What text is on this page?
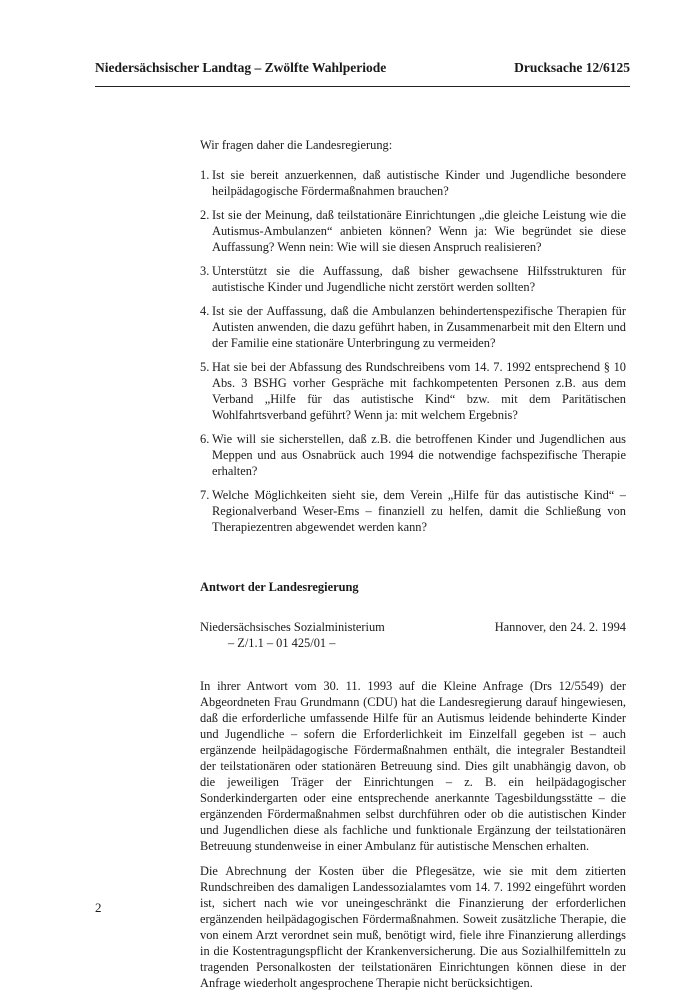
Niedersächsischer Landtag – Zwölfte Wahlperiode	Drucksache 12/6125

Wir fragen daher die Landesregierung:

1. Ist sie bereit anzuerkennen, daß autistische Kinder und Jugendliche besondere heilpädagogische Fördermaßnahmen brauchen?
2. Ist sie der Meinung, daß teilstationäre Einrichtungen „die gleiche Leistung wie die Autismus-Ambulanzen“ anbieten können? Wenn ja: Wie begründet sie diese Auffassung? Wenn nein: Wie will sie diesen Anspruch realisieren?
3. Unterstützt sie die Auffassung, daß bisher gewachsene Hilfsstrukturen für autistische Kinder und Jugendliche nicht zerstört werden sollten?
4. Ist sie der Auffassung, daß die Ambulanzen behindertenspezifische Therapien für Autisten anwenden, die dazu geführt haben, in Zusammenarbeit mit den Eltern und der Familie eine stationäre Unterbringung zu vermeiden?
5. Hat sie bei der Abfassung des Rundschreibens vom 14. 7. 1992 entsprechend § 10 Abs. 3 BSHG vorher Gespräche mit fachkompetenten Personen z.B. aus dem Verband „Hilfe für das autistische Kind“ bzw. mit dem Paritätischen Wohlfahrtsverband geführt? Wenn ja: mit welchem Ergebnis?
6. Wie will sie sicherstellen, daß z.B. die betroffenen Kinder und Jugendlichen aus Meppen und aus Osnabrück auch 1994 die notwendige fachspezifische Therapie erhalten?
7. Welche Möglichkeiten sieht sie, dem Verein „Hilfe für das autistische Kind“ – Regionalverband Weser-Ems – finanziell zu helfen, damit die Schließung von Therapiezentren abgewendet werden kann?
Antwort der Landesregierung
Niedersächsisches Sozialministerium
– Z/1.1 – 01 425/01 –
Hannover, den 24. 2. 1994

In ihrer Antwort vom 30. 11. 1993 auf die Kleine Anfrage (Drs 12/5549) der Abgeordneten Frau Grundmann (CDU) hat die Landesregierung darauf hingewiesen, daß die erforderliche umfassende Hilfe für an Autismus leidende behinderte Kinder und Jugendliche – sofern die Erforderlichkeit im Einzelfall gegeben ist – auch ergänzende heilpädagogische Fördermaßnahmen enthält, die integraler Bestandteil der teilstationären oder stationären Betreuung sind. Dies gilt unabhängig davon, ob die jeweiligen Träger der Einrichtungen – z. B. ein heilpädagogischer Sonderkindergarten oder eine entsprechende anerkannte Tagesbildungsstätte – die ergänzenden Fördermaßnahmen selbst durchführen oder ob die autistischen Kinder und Jugendlichen diese als fachliche und funktionale Ergänzung der teilstationären Betreuung stundenweise in einer Ambulanz für autistische Menschen erhalten.

Die Abrechnung der Kosten über die Pflegesätze, wie sie mit dem zitierten Rundschreiben des damaligen Landessozialamtes vom 14. 7. 1992 eingeführt worden ist, sichert nach wie vor uneingeschränkt die Finanzierung der erforderlichen ergänzenden heilpädagogischen Fördermaßnahmen. Soweit zusätzliche Therapie, die von einem Arzt verordnet sein muß, benötigt wird, fiele ihre Finanzierung allerdings in die Kostentragungspflicht der Krankenversicherung. Die aus Sozialhilfemitteln zu tragenden Personalkosten der teilstationären Einrichtungen können diese in der Anfrage wiederholt angesprochene Therapie nicht berücksichtigen.

2
